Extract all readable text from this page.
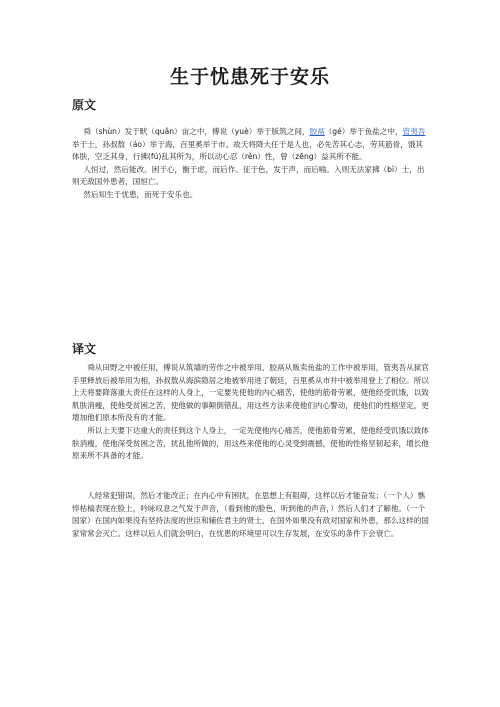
生于忧患死于安乐
原文

舜（shùn）发于畎（quǎn）亩之中，傅说（yuè）举于版筑之间，胶鬲（gé）举于鱼盐之中，管夷吾举于士，孙叔敖（áo）举于海，百里奚举于市。故天将降大任于是人也，必先苦其心志，劳其筋骨，饿其体肤，空乏其身，行拂(fú)乱其所为，所以动心忍（rěn）性，曾（zēng）益其所不能。

人恒过，然后能改。困于心，衡于虑，而后作。征于色，发于声，而后喻。入则无法家拂（bì）士，出则无敌国外患者，国恒亡。

然后知生于忧患，而死于安乐也。

译文

舜从田野之中被任用，傅说从筑墙的劳作之中被举用，胶鬲从贩卖鱼盐的工作中被举用，管夷吾从狱官手里释放后被举用为相，孙叔敖从海滨隐居之地被举用进了朝廷，百里奚从市井中被举用登上了相位。所以上天将要降落重大责任在这样的人身上，一定要先使他的内心痛苦，使他的筋骨劳累，使他经受饥饿，以致肌肤消瘦，使他受贫困之苦，使他做的事颠倒错乱，用这些方法来使他们内心警动，使他们的性格坚定，更增加他们原本所没有的才能。

所以上天要下达重大的责任到这个人身上，一定先使他内心痛苦，使他筋骨劳累，使他经受饥饿以致体肤消瘦，使他深受贫困之苦，扰乱他所做的，用这些来使他的心灵受到震撼，使他的性格坚韧起来，增长他原来所不具备的才能。

人经常犯错误，然后才能改正；在内心中有困扰，在思想上有阻碍，这样以后才能奋发；（一个人）憔悴枯槁表现在脸上，吟咏叹息之气发于声音，（看到他的脸色，听到他的声音，）然后人们才了解他。（一个国家）在国内如果没有坚持法度的世臣和辅佐君主的贤士，在国外如果没有敌对国家和外患，那么这样的国家常常会灭亡。这样以后人们就会明白，在忧患的环境里可以生存发展，在安乐的条件下会衰亡。
